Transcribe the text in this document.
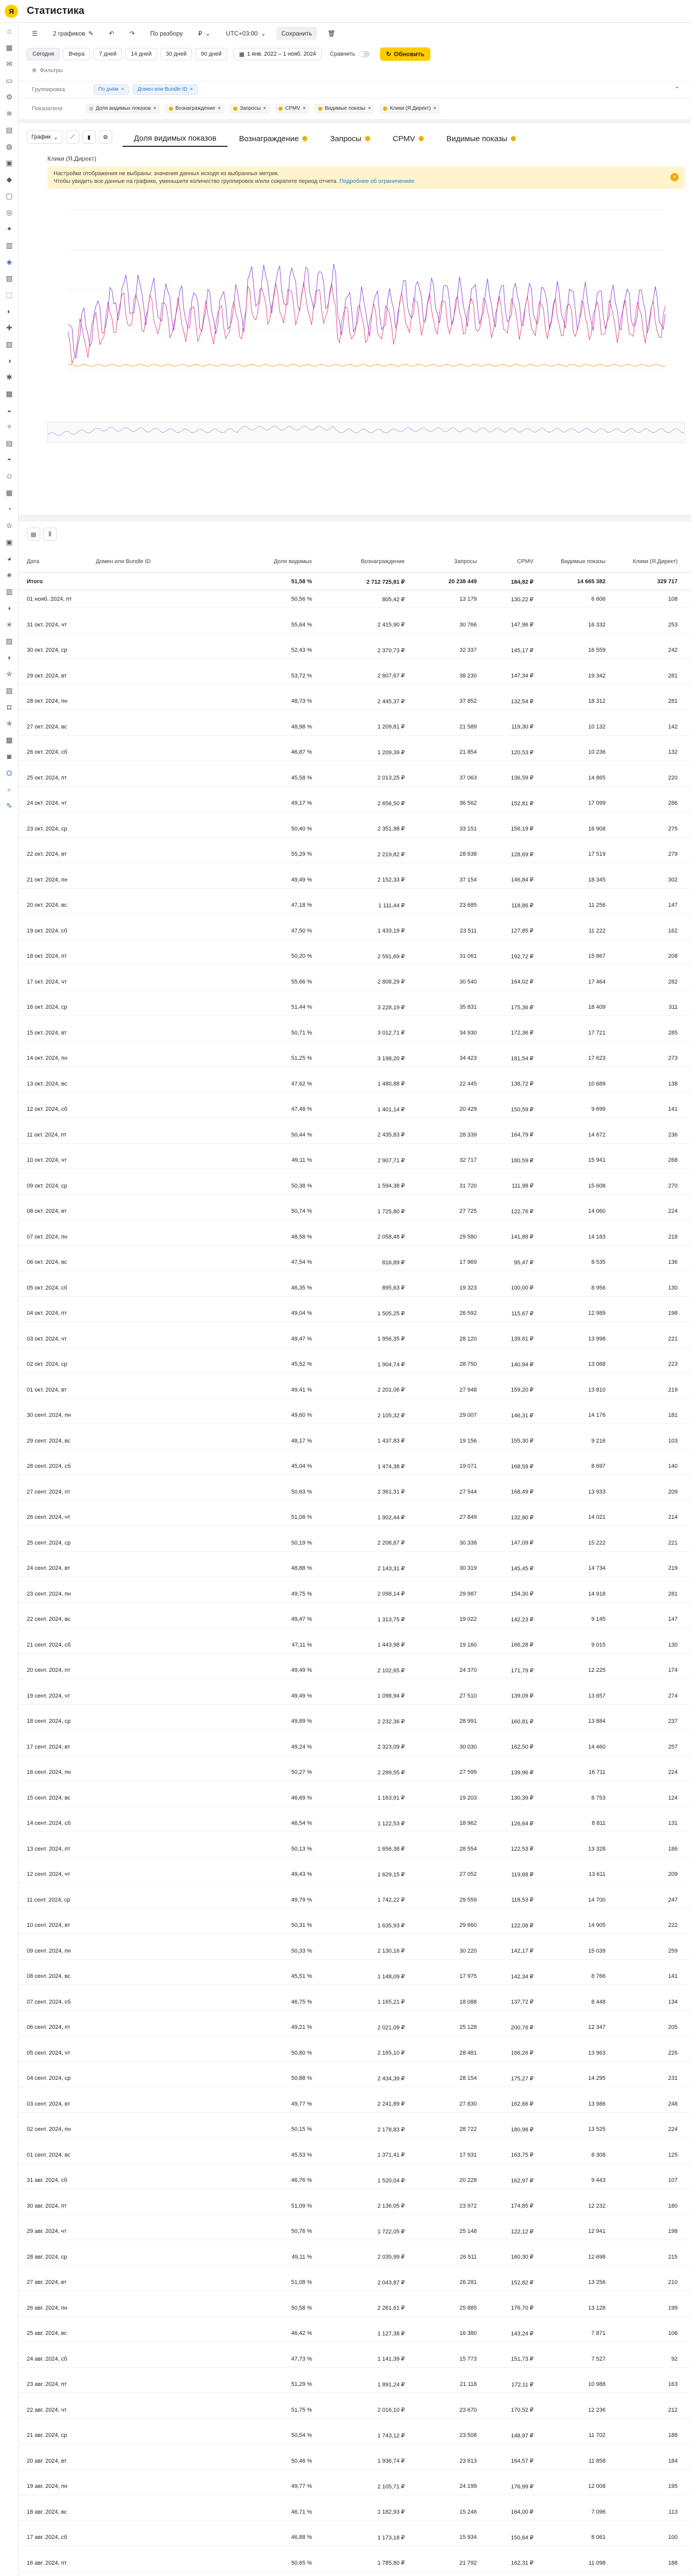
Я	Статистика
⌂
▦
✉
▭
⚙
≋
▤
◍
▣
◆
▢
◎
✦
▥
◈
▧
⬚
◐
✚
▨
◑
✱
▩
◒
✧
▤
◓
✩
▦
◔
✫
▣
◕
✬
▥
◖
✭
▧
◗
✮
▨
◘
✯
▩
◙
⛭
⌕
✎
☰	2 графиков ✎	↶	↷	По разбору	₽ ⌄	UTC+03:00 ⌄	Сохранить	🗑
Сегодня	Вчера	7 дней	14 дней	30 дней	90 дней	▦ 1 янв. 2022 – 1 нояб. 2024 Сравнить	↻ Обновить
⊕ Фильтры
Группировка	По дням ×	Домен или Bundle ID ×	⌃
Показатели	Доля видимых показов ×	Вознаграждение ×	Запросы ×	CPMV ×	Видимые показы ×	Клики (Я.Директ) ×
График ⌄ ⟋ ▮ ⚙	Доля видимых показов	Вознаграждение	Запросы	CPMV	Видимые показы
Клики (Я.Директ)
Настройки отображения не выбраны: значения данных исходя из выбранных метрик.
Чтобы увидеть все данные на графике, уменьшите количество группировок и/или сократите период отчета. Подробнее об ограничениях
×
▤ ⫼
Дата	Домен или Bundle ID	Доля видимых	Вознаграждение	Запросы	CPMV	Видимые показы	Клики (Я.Директ)
Итого	51,58 %	2 712 725,81 ₽	20 238 449	184,82 ₽	14 665 382	329 717
01 нояб. 2024, пт	50,56 %	805,42 ₽	13 179	130,22 ₽	6 606	108
31 окт. 2024, чт	55,64 %	2 415,90 ₽	30 766	147,96 ₽	16 332	253
30 окт. 2024, ср	52,43 %	2 370,73 ₽	32 337	145,17 ₽	16 559	242
29 окт. 2024, вт	53,72 %	2 807,67 ₽	38 230	147,34 ₽	19 342	281
28 окт. 2024, пн	48,73 %	2 445,37 ₽	37 852	132,54 ₽	18 312	281
27 окт. 2024, вс	48,98 %	1 209,81 ₽	21 589	119,30 ₽	10 132	142
26 окт. 2024, сб	46,87 %	1 209,39 ₽	21 854	120,53 ₽	10 236	132
25 окт. 2024, пт	45,58 %	2 013,25 ₽	37 063	136,59 ₽	14 865	220
24 окт. 2024, чт	49,17 %	2 656,50 ₽	36 562	152,81 ₽	17 099	286
23 окт. 2024, ср	50,40 %	2 351,98 ₽	33 151	156,19 ₽	16 908	275
22 окт. 2024, вт	55,29 %	2 219,82 ₽	28 638	128,69 ₽	17 519	279
21 окт. 2024, пн	49,49 %	2 152,33 ₽	37 154	146,84 ₽	18 345	302
20 окт. 2024, вс	47,18 %	1 111,44 ₽	23 685	118,86 ₽	11 256	147
19 окт. 2024, сб	47,50 %	1 433,19 ₽	23 511	127,85 ₽	11 222	162
18 окт. 2024, пт	50,20 %	2 591,69 ₽	31 061	192,72 ₽	15 867	208
17 окт. 2024, чт	55,66 %	2 808,29 ₽	30 540	164,02 ₽	17 464	282
16 окт. 2024, ср	51,44 %	3 228,19 ₽	35 831	175,36 ₽	18 409	311
15 окт. 2024, вт	50,71 %	3 012,71 ₽	34 930	172,36 ₽	17 721	285
14 окт. 2024, пн	51,25 %	3 198,20 ₽	34 423	181,54 ₽	17 623	273
13 окт. 2024, вс	47,62 %	1 480,88 ₽	22 445	138,72 ₽	10 689	138
12 окт. 2024, сб	47,48 %	1 401,14 ₽	20 429	150,59 ₽	9 699	141
11 окт. 2024, пт	50,44 %	2 435,83 ₽	28 339	164,79 ₽	14 672	236
10 окт. 2024, чт	49,11 %	2 907,71 ₽	32 717	180,59 ₽	15 941	268
09 окт. 2024, ср	50,38 %	1 594,38 ₽	31 720	111,98 ₽	15 608	270
08 окт. 2024, вт	50,74 %	1 725,80 ₽	27 725	122,76 ₽	14 060	224
07 окт. 2024, пн	48,58 %	2 058,48 ₽	29 580	141,88 ₽	14 183	218
06 окт. 2024, вс	47,54 %	816,89 ₽	17 969	95,47 ₽	8 535	136
05 окт. 2024, сб	46,35 %	895,63 ₽	19 323	100,00 ₽	8 956	130
04 окт. 2024, пт	49,04 %	1 505,25 ₽	26 592	115,67 ₽	12 989	198
03 окт. 2024, чт	49,47 %	1 956,35 ₽	28 120	139,61 ₽	13 998	221
02 окт. 2024, ср	45,52 %	1 904,74 ₽	28 750	140,94 ₽	13 068	223
01 окт. 2024, вт	49,41 %	2 201,06 ₽	27 948	159,20 ₽	13 810	219
30 сент. 2024, пн	49,60 %	2 105,32 ₽	29 007	146,31 ₽	14 176	181
29 сент. 2024, вс	48,17 %	1 437,83 ₽	19 156	155,30 ₽	9 216	103
28 сент. 2024, сб	45,04 %	1 474,38 ₽	19 071	168,59 ₽	8 697	140
27 сент. 2024, пт	50,63 %	2 361,31 ₽	27 544	168,49 ₽	13 933	209
26 сент. 2024, чт	51,08 %	1 902,44 ₽	27 849	132,80 ₽	14 021	214
25 сент. 2024, ср	50,19 %	2 208,87 ₽	30 338	147,09 ₽	15 222	221
24 сент. 2024, вт	48,88 %	2 143,31 ₽	30 319	145,45 ₽	14 734	219
23 сент. 2024, пн	49,75 %	2 098,14 ₽	29 987	154,30 ₽	14 918	281
22 сент. 2024, вс	49,47 %	1 313,75 ₽	19 022	142,23 ₽	9 145	147
21 сент. 2024, сб	47,11 %	1 443,98 ₽	19 160	166,28 ₽	9 015	130
20 сент. 2024, пт	49,49 %	2 102,65 ₽	24 370	171,79 ₽	12 225	174
19 сент. 2024, чт	49,49 %	1 098,94 ₽	27 510	139,09 ₽	13 657	274
18 сент. 2024, ср	49,89 %	2 232,36 ₽	28 991	160,81 ₽	13 884	237
17 сент. 2024, вт	49,24 %	2 323,09 ₽	30 030	162,50 ₽	14 460	257
16 сент. 2024, пн	50,27 %	2 299,55 ₽	27 599	139,96 ₽	16 711	224
15 сент. 2024, вс	46,69 %	1 163,91 ₽	19 203	130,39 ₽	8 753	124
14 сент. 2024, сб	46,54 %	1 122,53 ₽	18 962	126,64 ₽	8 811	131
13 сент. 2024, пт	50,13 %	1 656,38 ₽	28 554	122,53 ₽	13 328	186
12 сент. 2024, чт	49,43 %	1 629,15 ₽	27 052	119,68 ₽	13 611	209
11 сент. 2024, ср	49,79 %	1 742,22 ₽	29 559	118,53 ₽	14 700	247
10 сент. 2024, вт	50,31 %	1 635,93 ₽	29 660	122,08 ₽	14 905	222
09 сент. 2024, пн	50,33 %	2 130,16 ₽	30 220	142,17 ₽	15 039	259
08 сент. 2024, вс	45,51 %	1 148,09 ₽	17 975	142,34 ₽	8 766	141
07 сент. 2024, сб	46,75 %	1 165,21 ₽	18 088	137,72 ₽	8 448	134
06 сент. 2024, пт	49,21 %	2 021,09 ₽	25 128	200,76 ₽	12 347	205
05 сент. 2024, чт	50,80 %	2 165,10 ₽	28 481	166,26 ₽	13 963	226
04 сент. 2024, ср	50,88 %	2 434,39 ₽	28 154	175,27 ₽	14 295	231
03 сент. 2024, вт	49,77 %	2 241,89 ₽	27 830	162,66 ₽	13 986	248
02 сент. 2024, пн	50,15 %	2 178,83 ₽	28 722	180,98 ₽	13 525	224
01 сент. 2024, вс	45,53 %	1 371,41 ₽	17 931	163,75 ₽	8 308	125
31 авг. 2024, сб	46,76 %	1 520,04 ₽	20 228	162,97 ₽	9 443	107
30 авг. 2024, пт	51,09 %	2 136,05 ₽	23 972	174,85 ₽	12 232	180
29 авг. 2024, чт	50,76 %	1 722,05 ₽	25 148	122,12 ₽	12 941	198
28 авг. 2024, ср	49,11 %	2 035,99 ₽	26 511	160,30 ₽	12 698	215
27 авг. 2024, вт	51,08 %	2 043,87 ₽	26 281	152,82 ₽	13 256	210
26 авг. 2024, пн	50,58 %	2 261,61 ₽	25 885	176,70 ₽	13 128	199
25 авг. 2024, вс	46,42 %	1 127,38 ₽	16 380	143,24 ₽	7 871	106
24 авг. 2024, сб	47,73 %	1 141,39 ₽	15 773	151,73 ₽	7 527	92
23 авг. 2024, пт	51,29 %	1 891,24 ₽	21 118	172,11 ₽	10 988	163
22 авг. 2024, чт	51,75 %	2 016,10 ₽	23 670	170,52 ₽	12 236	212
21 авг. 2024, ср	50,54 %	1 743,12 ₽	23 508	148,97 ₽	11 702	188
20 авг. 2024, вт	50,46 %	1 936,74 ₽	23 613	164,57 ₽	11 858	184
19 авг. 2024, пн	49,77 %	2 105,71 ₽	24 199	176,99 ₽	12 008	195
18 авг. 2024, вс	46,71 %	1 182,93 ₽	15 246	164,00 ₽	7 096	113
17 авг. 2024, сб	46,88 %	1 173,18 ₽	15 934	150,64 ₽	8 061	100
16 авг. 2024, пт	50,65 %	1 785,80 ₽	21 792	162,31 ₽	11 098	188
